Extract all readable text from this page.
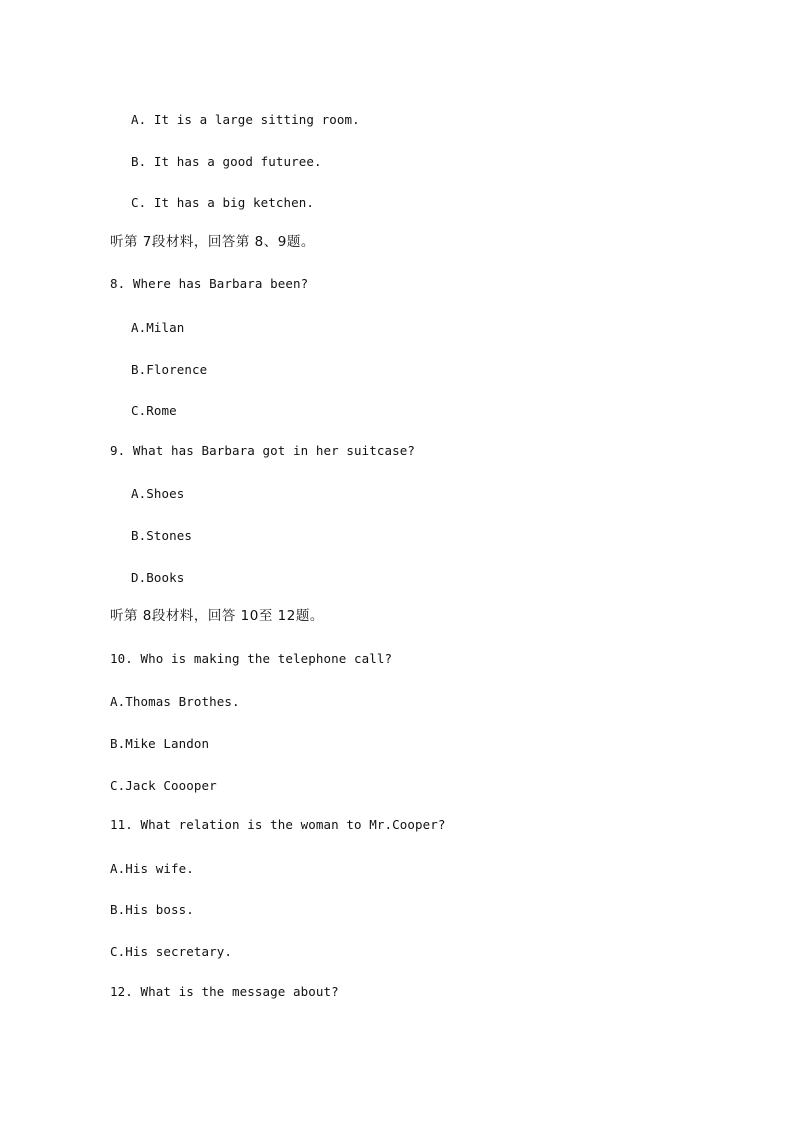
A. It is a large sitting room.
B. It has a good futuree.
C. It has a big ketchen.
听第 7段材料，回答第 8、9题。
8. Where has Barbara been?
A.Milan
B.Florence
C.Rome
9. What has Barbara got in her suitcase?
A.Shoes
B.Stones
D.Books
听第 8段材料，回答 10至 12题。
10. Who is making the telephone call?
A.Thomas Brothes.
B.Mike Landon
C.Jack Coooper
11. What relation is the woman to Mr.Cooper?
A.His wife.
B.His boss.
C.His secretary.
12. What is the message about?
